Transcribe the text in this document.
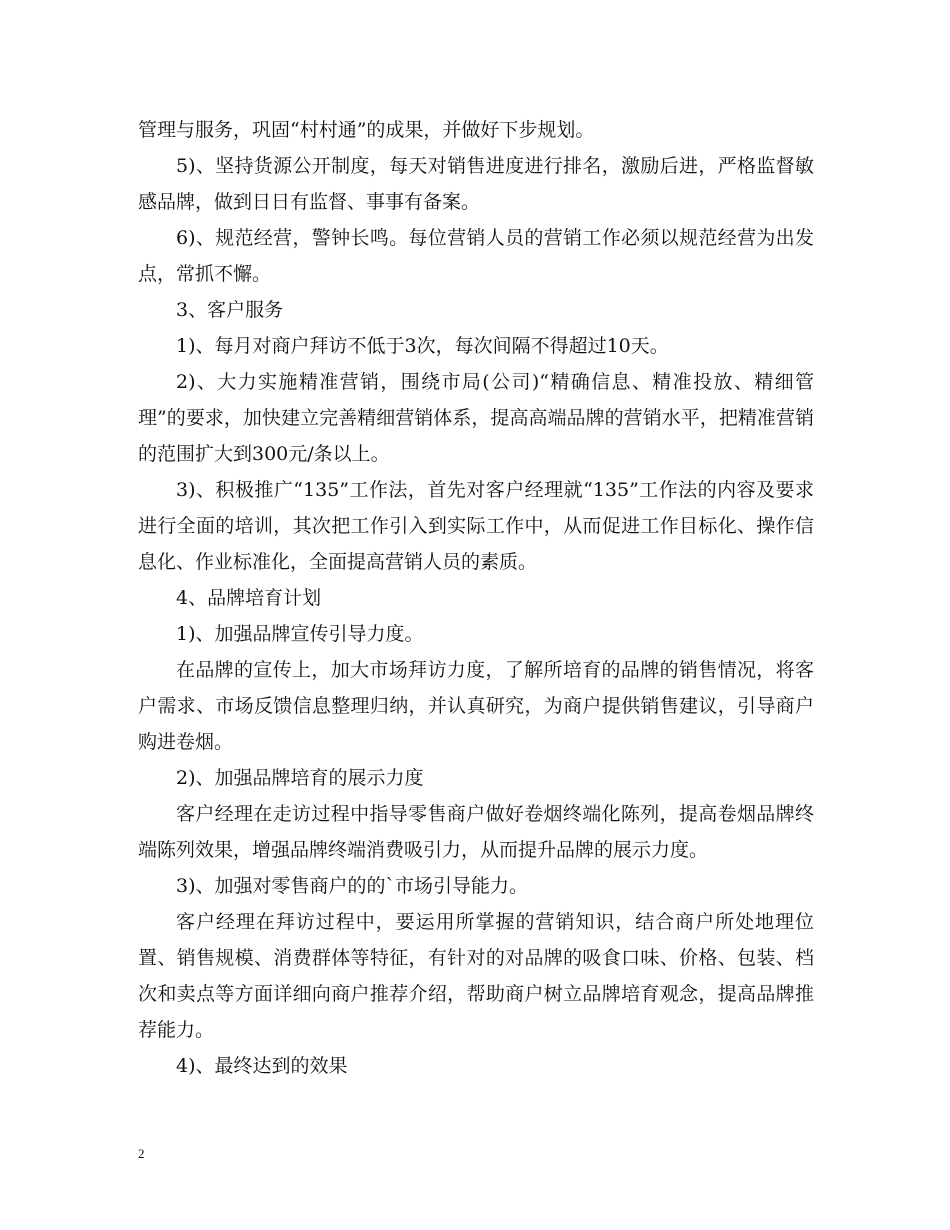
管理与服务，巩固“村村通”的成果，并做好下步规划。

5)、坚持货源公开制度，每天对销售进度进行排名，激励后进，严格监督敏感品牌，做到日日有监督、事事有备案。

6)、规范经营，警钟长鸣。每位营销人员的营销工作必须以规范经营为出发点，常抓不懈。

3、客户服务

1)、每月对商户拜访不低于3次，每次间隔不得超过10天。

2)、大力实施精准营销，围绕市局(公司)“精确信息、精准投放、精细管理”的要求，加快建立完善精细营销体系，提高高端品牌的营销水平，把精准营销的范围扩大到300元/条以上。

3)、积极推广“135”工作法，首先对客户经理就“135”工作法的内容及要求进行全面的培训，其次把工作引入到实际工作中，从而促进工作目标化、操作信息化、作业标准化，全面提高营销人员的素质。

4、品牌培育计划

1)、加强品牌宣传引导力度。

在品牌的宣传上，加大市场拜访力度，了解所培育的品牌的销售情况，将客户需求、市场反馈信息整理归纳，并认真研究，为商户提供销售建议，引导商户购进卷烟。

2)、加强品牌培育的展示力度

客户经理在走访过程中指导零售商户做好卷烟终端化陈列，提高卷烟品牌终端陈列效果，增强品牌终端消费吸引力，从而提升品牌的展示力度。

3)、加强对零售商户的的`市场引导能力。

客户经理在拜访过程中，要运用所掌握的营销知识，结合商户所处地理位置、销售规模、消费群体等特征，有针对的对品牌的吸食口味、价格、包装、档次和卖点等方面详细向商户推荐介绍，帮助商户树立品牌培育观念，提高品牌推荐能力。

4)、最终达到的效果

2
